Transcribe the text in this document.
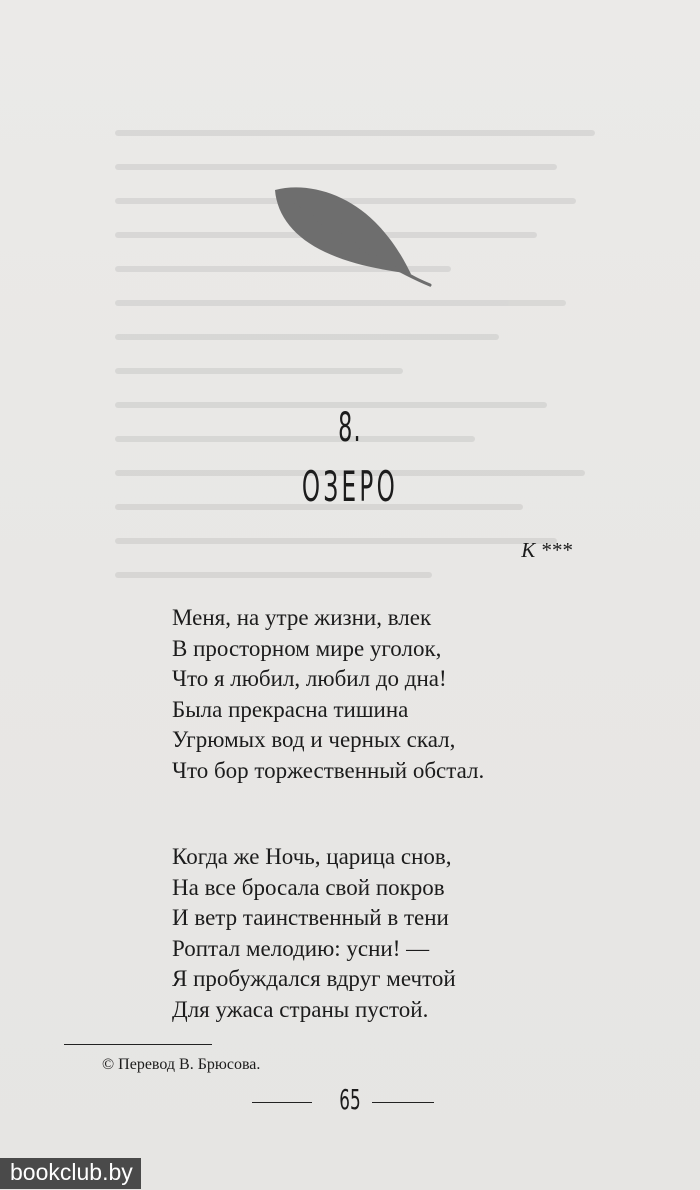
8.
ОЗЕРО
К ***
Меня, на утре жизни, влек
В просторном мире уголок,
Что я любил, любил до дна!
Была прекрасна тишина
Угрюмых вод и черных скал,
Что бор торжественный обстал.
Когда же Ночь, царица снов,
На все бросала свой покров
И ветр таинственный в тени
Роптал мелодию: усни! —
Я пробуждался вдруг мечтой
Для ужаса страны пустой.
© Перевод В. Брюсова.
65
bookclub.by
